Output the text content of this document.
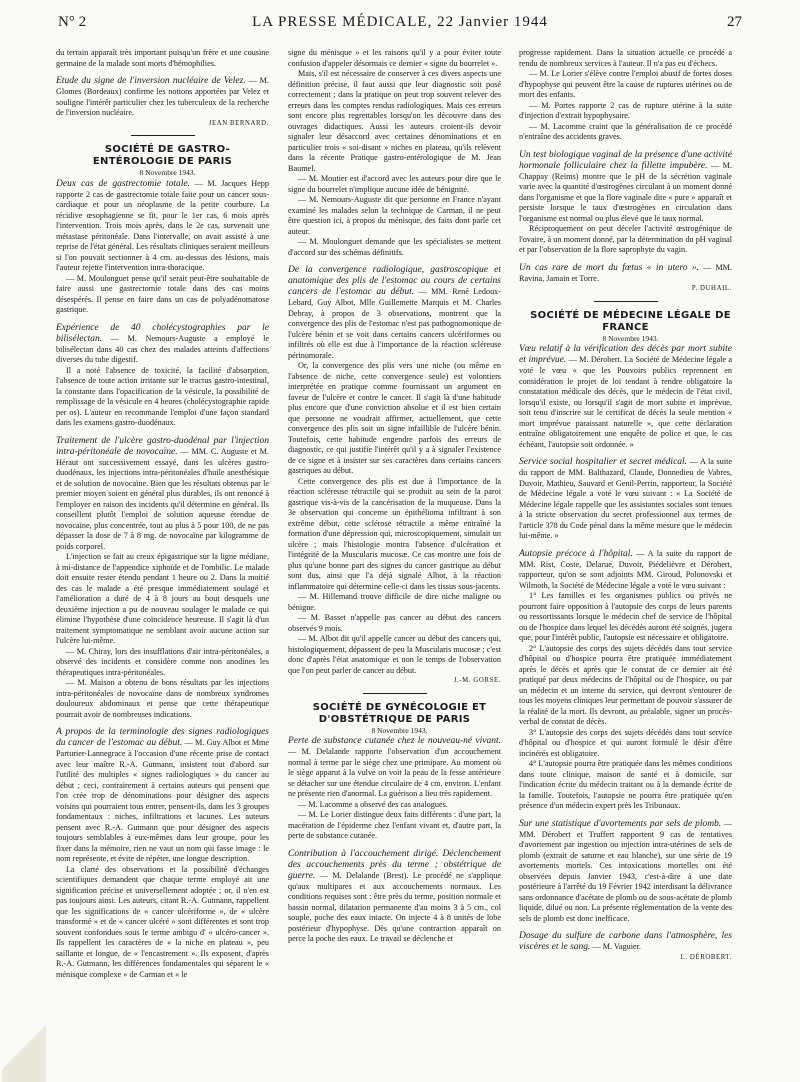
N° 2	LA PRESSE MÉDICALE, 22 Janvier 1944	27

du terrain apparaît très important puisqu'un frère et une cousine germaine de la malade sont morts d'hémophilies.

Etude du signe de l'inversion nucléaire de Velez. — M. Glomes (Bordeaux) confirme les notions apportées par Velez et souligne l'intérêt particulier chez les tuberculeux de la recherche de l'inversion nucléaire.

JEAN BERNARD.

SOCIÉTÉ DE GASTRO-ENTÉROLOGIE DE PARIS

8 Novembre 1943.

Deux cas de gastrectomie totale. — M. Jacques Hepp rapporte 2 cas de gastrectomie totale faite pour un cancer sous-cardiaque et pour un néoplasme de la petite courbure. La récidive œsophagienne se fit, pour le 1er cas, 6 mois après l'intervention. Trois mois après, dans le 2e cas, survenait une métastase péritonéale. Dans l'intervalle, on avait assisté à une reprise de l'état général. Les résultats cliniques seraient meilleurs si l'on pouvait sectionner à 4 cm. au-dessus des lésions, mais l'auteur rejette l'intervention intra-thoracique.

— M. Moulonguet pense qu'il serait peut-être souhaitable de faire aussi une gastrectomie totale dans des cas moins désespérés. Il pense en faire dans un cas de polyadénomatose gastrique.

Expérience de 40 cholécystographies par le bilisélectan. — M. Nemours-Auguste a employé le bilisélectan dans 40 cas chez des malades atteints d'affections diverses du tube digestif.

Il a noté l'absence de toxicité, la facilité d'absorption, l'absence de toute action irritante sur le tractus gastro-intestinal, la constante dans l'opacification de la vésicule, la possibilité de remplissage de la vésicule en 4 heures (cholécystographie rapide per os). L'auteur en recommande l'emploi d'une façon standard dans les examens gastro-duodénaux.

Traitement de l'ulcère gastro-duodénal par l'injection intra-péritonéale de novocaïne. — MM. C. Auguste et M. Héraut ont successivement essayé, dans les ulcères gastro-duodénaux, les injections intra-péritonéales d'huile anesthésique et de solution de novocaïne. Bien que les résultats obtenus par le premier moyen soient en général plus durables, ils ont renoncé à l'employer en raison des incidents qu'il détermine en général. Ils conseillent plutôt l'emploi de solution aqueuse étendue de novocaïne, plus concentrée, tout au plus à 5 pour 100, de ne pas dépasser la dose de 7 à 8 mg. de novocaïne par kilogramme de poids corporel.

L'injection se fait au creux épigastrique sur la ligne médiane, à mi-distance de l'appendice xiphoïde et de l'ombilic. Le malade doit ensuite rester étendu pendant 1 heure ou 2. Dans la moitié des cas le malade a été presque immédiatement soulagé et l'amélioration a duré de 4 à 8 jours au bout desquels une deuxième injection a pu de nouveau soulager le malade ce qui élimine l'hypothèse d'une coïncidence heureuse. Il s'agit là d'un traitement symptomatique ne semblant avoir aucune action sur l'ulcère lui-même.

— M. Chiray, lors des insufflations d'air intra-péritonéales, a observé des incidents et considère comme non anodines les thérapeutiques intra-péritonéales.

— M. Maison a obtenu de bons résultats par les injections intra-péritonéales de novocaïne dans de nombreux syndromes douloureux abdominaux et pense que cette thérapeutique pourrait avoir de nombreuses indications.

A propos de la terminologie des signes radiologiques du cancer de l'estomac au début. — M. Guy Albot et Mme Parturier-Lannegrace à l'occasion d'une récente prise de contact avec leur maître R.-A. Gutmann, insistent tout d'abord sur l'utilité des multiples « signes radiologiques » du cancer au début ; ceci, contrairement à certains auteurs qui pensent que l'on crée trop de dénominations pour désigner des aspects voisins qui pourraient tous entrer, pensent-ils, dans les 3 groupes fondamentaux : niches, infiltrations et lacunes. Les auteurs pensent avec R.-A. Gutmann que pour désigner des aspects toujours semblables à eux-mêmes dans leur groupe, pour les fixer dans la mémoire, rien ne vaut un nom qui fasse image : le nom représente, et évite de répéter, une longue description.

La clarté des observations et la possibilité d'échanges scientifiques demandent que chaque terme employé ait une signification précise et universellement adoptée ; or, il n'en est pas toujours ainsi. Les auteurs, citant R.-A. Gutmann, rappellent que les significations de « cancer ulcériforme », de « ulcère transformé » et de « cancer ulcéré » sont différentes et sont trop souvent confondues sous le terme ambigu d' « ulcéro-cancer ». Ils rappellent les caractères de « la niche en plateau », peu saillante et longue, de « l'encastrement ». Ils exposent, d'après R.-A. Gutmann, les différences fondamentales qui séparent le « ménisque complexe » de Carman et « le

signe du ménisque » et les raisons qu'il y a pour éviter toute confusion d'appeler désormais ce dernier « signe du bourrelet ».

Mais, s'il est nécessaire de conserver à ces divers aspects une définition précise, il faut aussi que leur diagnostic soit posé correctement ; dans la pratique on peut trop souvent relever des erreurs dans les comptes rendus radiologiques. Mais ces erreurs sont encore plus regrettables lorsqu'on les découvre dans des ouvrages didactiques. Aussi les auteurs croient-ils devoir signaler leur désaccord avec certaines dénominations et en particulier trois « soi-disant » niches en plateau, qu'ils relèvent dans la récente Pratique gastro-entérologique de M. Jean Baumel.

— M. Moutier est d'accord avec les auteurs pour dire que le signe du bourrelet n'implique aucune idée de bénignité.

— M. Nemours-Auguste dit que personne en France n'ayant examiné les malades selon la technique de Carman, il ne peut être question ici, à propos du ménisque, des faits dont parle cet auteur.

— M. Moulonguet demande que les spécialistes se mettent d'accord sur des schémas définitifs.

De la convergence radiologique, gastroscopique et anatomique des plis de l'estomac au cours de certains cancers de l'estomac au début. — MM. René Ledoux-Lebard, Guy Albot, Mlle Guillemette Marquis et M. Charles Debray, à propos de 3 observations, montrent que la convergence des plis de l'estomac n'est pas pathognomonique de l'ulcère bénin et se voit dans certains cancers ulcériformes ou infiltrés où elle est due à l'importance de la réaction scléreuse périnumorale.

Or, la convergence des plis vers une niche (ou même en l'absence de niche, cette convergence seule) est volontiers interprétée en pratique comme fournissant un argument en faveur de l'ulcère et contre le cancer. Il s'agit là d'une habitude plus encore que d'une conviction absolue et il est bien certain que personne ne voudrait affirmer, actuellement, que cette convergence des plis soit un signe infaillible de l'ulcère bénin. Toutefois, cette habitude engendre parfois des erreurs de diagnostic, ce qui justifie l'intérêt qu'il y a à signaler l'existence de ce signe et à insister sur ses caractères dans certains cancers gastriques au début.

Cette convergence des plis est due à l'importance de la réaction scléreuse rétractile qui se produit au sein de la paroi gastrique vis-à-vis de la cancérisation de la muqueuse. Dans la 3e observation qui concerne un épithélioma infiltrant à son extrême début, cette sclérose rétractile a même entraîné la formation d'une dépression qui, microscopiquement, simulait un ulcère ; mais l'histologie montra l'absence d'ulcération et l'intégrité de la Muscularis mucosæ. Ce cas montre une fois de plus qu'une bonne part des signes du cancer gastrique au début sont dus, ainsi que l'a déjà signalé Albot, à la réaction inflammatoire qui détermine celle-ci dans les tissus sous-jacents.

— M. Hillemand trouve difficile de dire niche maligne ou bénigne.

— M. Basset n'appelle pas cancer au début des cancers observés 9 mois.

— M. Albot dit qu'il appelle cancer au début des cancers qui, histologiquement, dépassent de peu la Muscularis mucosæ ; c'est donc d'après l'état anatomique et non le temps de l'observation que l'on peut parler de cancer au début.

J.-M. GORSE.

SOCIÉTÉ DE GYNÉCOLOGIE ET D'OBSTÉTRIQUE DE PARIS

8 Novembre 1943.

Perte de substance cutanée chez le nouveau-né vivant. — M. Delalande rapporte l'observation d'un accouchement normal à terme par le siège chez une primipare. Au moment où le siège apparut à la vulve on voit la peau de la fesse antérieure se détacher sur une étendue circulaire de 4 cm. environ. L'enfant ne présente rien d'anormal. La guérison a lieu très rapidement.

— M. Lacomme a observé des cas analogues.

— M. Le Lorier distingue deux faits différents : d'une part, la macération de l'épiderme chez l'enfant vivant et, d'autre part, la perte de substance cutanée.

Contribution à l'accouchement dirigé. Déclenchement des accouchements près du terme ; obstétrique de guerre. — M. Delalande (Brest). Le procédé ne s'applique qu'aux multipares et aux accouchements normaux. Les conditions requises sont : être près du terme, position normale et bassin normal, dilatation permanente d'au moins 3 à 5 cm., col souple, poche des eaux intacte. On injecte 4 à 8 unités de lobe postérieur d'hypophyse. Dès qu'une contraction apparaît on perce la poche des eaux. Le travail se déclenche et

progresse rapidement. Dans la situation actuelle ce procédé a rendu de nombreux services à l'auteur. Il n'a pas eu d'échecs.

— M. Le Lorier s'élève contre l'emploi abusif de fortes doses d'hypophyse qui peuvent être la cause de ruptures utérines ou de mort des enfants.

— M. Portes rapporte 2 cas de rupture utérine à la suite d'injection d'extrait hypophysaire.

— M. Lacomme craint que la généralisation de ce procédé n'entraîne des accidents graves.

Un test biologique vaginal de la présence d'une activité hormonale folliculaire chez la fillette impubère. — M. Chappay (Reims) montre que le pH de la sécrétion vaginale varie avec la quantité d'œstrogènes circulant à un moment donné dans l'organisme et que la flore vaginale dite « pure » apparaît et persiste lorsque le taux d'œstrogènes en circulation dans l'organisme est normal ou plus élevé que le taux normal.

Réciproquement on peut déceler l'activité œstrogénique de l'ovaire, à un moment donné, par la détermination du pH vaginal et par l'observation de la flore saprophyte du vagin.

Un cas rare de mort du fœtus « in utero ». — MM. Ravina, Jamain et Torre.

P. DUHAIL.

SOCIÉTÉ DE MÉDECINE LÉGALE DE FRANCE

8 Novembre 1943.

Vœu relatif à la vérification des décès par mort subite et imprévue. — M. Dérobert. La Société de Médecine légale a voté le vœu « que les Pouvoirs publics reprennent en considération le projet de loi tendant à rendre obligatoire la constatation médicale des décès, que le médecin de l'état civil, lorsqu'il existe, ou lorsqu'il s'agit de mort subite et imprévue, soit tenu d'inscrire sur le certificat de décès la seule mention « mort imprévue paraissant naturelle », que cette déclaration entraîne obligatoirement une enquête de police et que, le cas échéant, l'autopsie soit ordonnée. »

Service social hospitalier et secret médical. — A la suite du rapport de MM. Balthazard, Claude, Donnedieu de Vabres, Duvoir, Mathieu, Sauvard et Genil-Perrin, rapporteur, la Société de Médecine légale a voté le vœu suivant : « La Société de Médecine légale rappelle que les assistantes sociales sont tenues à la stricte observation du secret professionnel aux termes de l'article 378 du Code pénal dans la même mesure que le médecin lui-même. »

Autopsie précoce à l'hôpital. — A la suite du rapport de MM. Rist, Coste, Delarue, Duvoir, Piédelièvre et Dérobert, rapporteur, qu'on se sont adjoints MM. Giroud, Polonovski et Wilmoth, la Société de Médecine légale a voté le vœu suivant :

1° Les familles et les organismes publics ou privés ne pourront faire opposition à l'autopsie des corps de leurs parents ou ressortissants lorsque le médecin chef de service de l'hôpital ou de l'hospice dans lequel les décédés auront été soignés, jugera que, pour l'intérêt public, l'autopsie est nécessaire et obligatoire.

2° L'autopsie des corps des sujets décédés dans tout service d'hôpital ou d'hospice pourra être pratiquée immédiatement après le décès et après que le constat de ce dernier ait été pratiqué par deux médecins de l'hôpital ou de l'hospice, ou par un médecin et un interne du service, qui devront s'entourer de tous les moyens cliniques leur permettant de pouvoir s'assurer de la réalité de la mort. Ils devront, au préalable, signer un procès-verbal de constat de décès.

3° L'autopsie des corps des sujets décédés dans tout service d'hôpital ou d'hospice et qui auront formulé le désir d'être incinérés est obligatoire.

4° L'autopsie pourra être pratiquée dans les mêmes conditions dans toute clinique, maison de santé et à domicile, sur l'indication écrite du médecin traitant ou à la demande écrite de la famille. Toutefois, l'autopsie ne pourra être pratiquée qu'en présence d'un médecin expert près les Tribunaux.

Sur une statistique d'avortements par sels de plomb. — MM. Dérobert et Truffert rapportent 9 cas de tentatives d'avortement par ingestion ou injection intra-utérines de sels de plomb (extrait de saturne et eau blanche), sur une série de 19 avortements mortels. Ces intoxications mortelles ont été observées depuis Janvier 1943, c'est-à-dire à une date postérieure à l'arrêté du 19 Février 1942 interdisant la délivrance sans ordonnance d'acétate de plomb ou de sous-acétate de plomb liquide, dilué ou non. La présente réglementation de la vente des sels de plomb est donc inefficace.

Dosage du sulfure de carbone dans l'atmosphère, les viscères et le sang. — M. Vaguier.

L. DÉROBERT.
